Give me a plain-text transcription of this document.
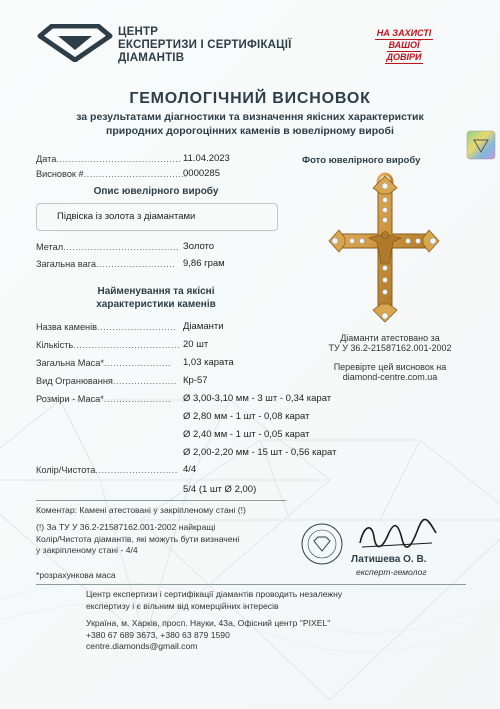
ЦЕНТР
ЕКСПЕРТИЗИ І СЕРТИФІКАЦІЇ
ДІАМАНТІВ
НА ЗАХИСТІ
ВАШОЇ
ДОВІРИ
ГЕМОЛОГІЧНИЙ ВИСНОВОК
за результатами діагностики та визначення якісних характеристик
природних дорогоцінних каменів в ювелірному виробі
Дата......................................... 11.04.2023
Висновок #..................................
0000285
Опис ювелірного виробу
Підвіска із золота з діамантами
Метал...................................... Золото
Загальна вага.......................... 9,86 грам
Найменування та якісні
характеристики каменів
Назва каменів.......................... Діаманти
Кількість................................... 20 шт
Загальна Маса*...................... 1,03 карата
Вид Огранювання..................... Кр-57
Розміри - Маса*...................... Ø 3,00-3,10 мм - 3 шт - 0,34 карат
Ø 2,80 мм - 1 шт - 0,08 карат
Ø 2,40 мм - 1 шт - 0,05 карат
Ø 2,00-2,20 мм - 15 шт - 0,56 карат
Колір/Чистота........................... 4/4
5/4 (1 шт Ø 2,00)
Фото ювелірного виробу
Діаманти атестовано за
ТУ У 36.2-21587162.001-2002
Перевірте цей висновок на
diamond-centre.com.ua
Коментар: Камені атестовані у закріпленому стані (!)
(!) За ТУ У 36.2-21587162.001-2002 найкращі
Колір/Чистота діамантів, які можуть бути визначені
у закріпленому стані - 4/4
*розрахункова маса
Латишева О. В.
експерт-гемолог
Центр експертизи і сертифікації діамантів проводить незалежну
експертизу і є вільним від комерційних інтересів
Україна, м. Харків, просп. Науки, 43а, Офісний центр "PIXEL"
+380 67 689 3673, +380 63 879 1590
centre.diamonds@gmail.com
